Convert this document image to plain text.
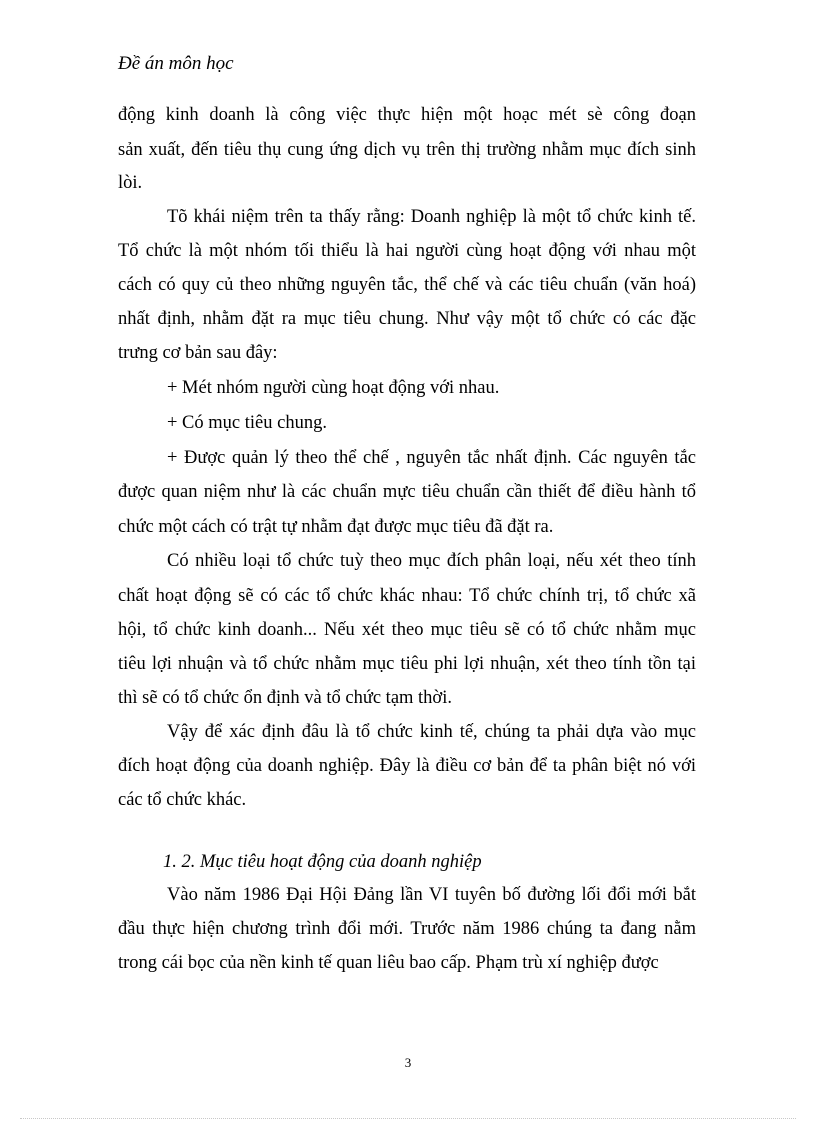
Đề án môn học
động kinh doanh là công việc thực hiện một hoạc mét sè công đoạn
sản xuất, đến tiêu thụ cung ứng dịch vụ trên thị trường nhằm mục đích sinh
lòi.
Tõ khái niệm trên ta thấy rằng: Doanh nghiệp là một tổ chức kinh tế.
Tổ chức là một nhóm tối thiểu là hai người cùng hoạt động với nhau một
cách có quy củ theo những nguyên tắc, thể chế và các tiêu chuẩn (văn hoá)
nhất định, nhằm đặt ra mục tiêu chung. Như vậy một tổ chức có các đặc
trưng cơ bản sau đây:
+ Mét nhóm người cùng hoạt động với nhau.
+ Có mục tiêu chung.
+ Được quản lý theo thể chế , nguyên tắc nhất định. Các nguyên tắc
được quan niệm như là các chuẩn mực tiêu chuẩn cần thiết để điều hành tổ
chức một cách có trật tự nhằm đạt được mục tiêu đã đặt ra.
Có nhiều loại tổ chức tuỳ theo mục đích phân loại, nếu xét theo tính
chất hoạt động sẽ có các tổ chức khác nhau: Tổ chức chính trị, tổ chức xã
hội, tổ chức kinh doanh... Nếu xét theo mục tiêu sẽ có tổ chức nhằm mục
tiêu lợi nhuận và tổ chức nhằm mục tiêu phi lợi nhuận, xét theo tính tồn tại
thì sẽ có tổ chức ổn định và tổ chức tạm thời.
Vậy để xác định đâu là tổ chức kinh tế, chúng ta phải dựa vào mục
đích hoạt động của doanh nghiệp. Đây là điều cơ bản để ta phân biệt nó với
các tổ chức khác.
1. 2. Mục tiêu hoạt động của doanh nghiệp
Vào năm 1986 Đại Hội Đảng lần VI tuyên bố đường lối đổi mới bắt
đầu thực hiện chương trình đổi mới. Trước năm 1986 chúng ta đang nằm
trong cái bọc của nền kinh tế quan liêu bao cấp. Phạm trù xí nghiệp được
3
